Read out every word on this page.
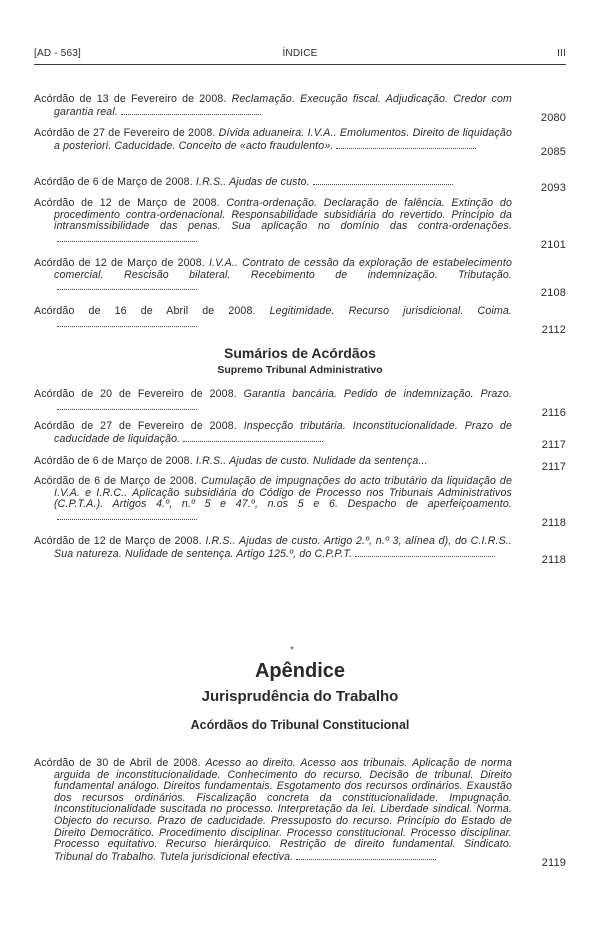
[AD - 563]	ÍNDICE	III
Acórdão de 13 de Fevereiro de 2008. Reclamação. Execução fiscal. Adjudicação. Credor com garantia real.	2080
Acórdão de 27 de Fevereiro de 2008. Dívida aduaneira. I.V.A.. Emolumentos. Direito de liquidação a posteriori. Caducidade. Conceito de «acto fraudulento».	2085
Acórdão de 6 de Março de 2008. I.R.S.. Ajudas de custo.	2093
Acórdão de 12 de Março de 2008. Contra-ordenação. Declaração de falência. Extinção do procedimento contra-ordenacional. Responsabilidade subsidiária do revertido. Princípio da intransmissibilidade das penas. Sua aplicação no domínio das contra-ordenações.
2101
Acórdão de 12 de Março de 2008. I.V.A.. Contrato de cessão da exploração de estabelecimento comercial. Rescisão bilateral. Recebimento de indemnização. Tributação.
2108
Acórdão de 16 de Abril de 2008. Legitimidade. Recurso jurisdicional. Coima.
2112
Sumários de Acórdãos
Supremo Tribunal Administrativo
Acórdão de 20 de Fevereiro de 2008. Garantia bancária. Pedido de indemnização. Prazo.
2116
Acórdão de 27 de Fevereiro de 2008. Inspecção tributária. Inconstitucionalidade. Prazo de caducidade de liquidação.	2117
Acórdão de 6 de Março de 2008. I.R.S.. Ajudas de custo. Nulidade da sentença...	2117
Acórdão de 6 de Março de 2008. Cumulação de impugnações do acto tributário da liquidação de I.V.A. e I.R.C.. Aplicação subsidiária do Código de Processo nos Tribunais Administrativos (C.P.T.A.). Artigos 4.º, n.º 5 e 47.º, n.os 5 e 6. Despacho de aperfeiçoamento.
2118
Acórdão de 12 de Março de 2008. I.R.S.. Ajudas de custo. Artigo 2.º, n.º 3, alínea d), do C.I.R.S.. Sua natureza. Nulidade de sentença. Artigo 125.º, do C.P.P.T.	2118
*
Apêndice
Jurisprudência do Trabalho
Acórdãos do Tribunal Constitucional
Acórdão de 30 de Abril de 2008. Acesso ao direito. Acesso aos tribunais. Aplicação de norma arguida de inconstitucionalidade. Conhecimento do recurso. Decisão de tribunal. Direito fundamental análogo. Direitos fundamentais. Esgotamento dos recursos ordinários. Exaustão dos recursos ordinários. Fiscalização concreta da constitucionalidade. Impugnação. Inconstitucionalidade suscitada no processo. Interpretação da lei. Liberdade sindical. Norma. Objecto do recurso. Prazo de caducidade. Pressuposto do recurso. Princípio do Estado de Direito Democrático. Procedimento disciplinar. Processo constitucional. Processo disciplinar. Processo equitativo. Recurso hierárquico. Restrição de direito fundamental. Sindicato. Tribunal do Trabalho. Tutela jurisdicional efectiva.	2119
